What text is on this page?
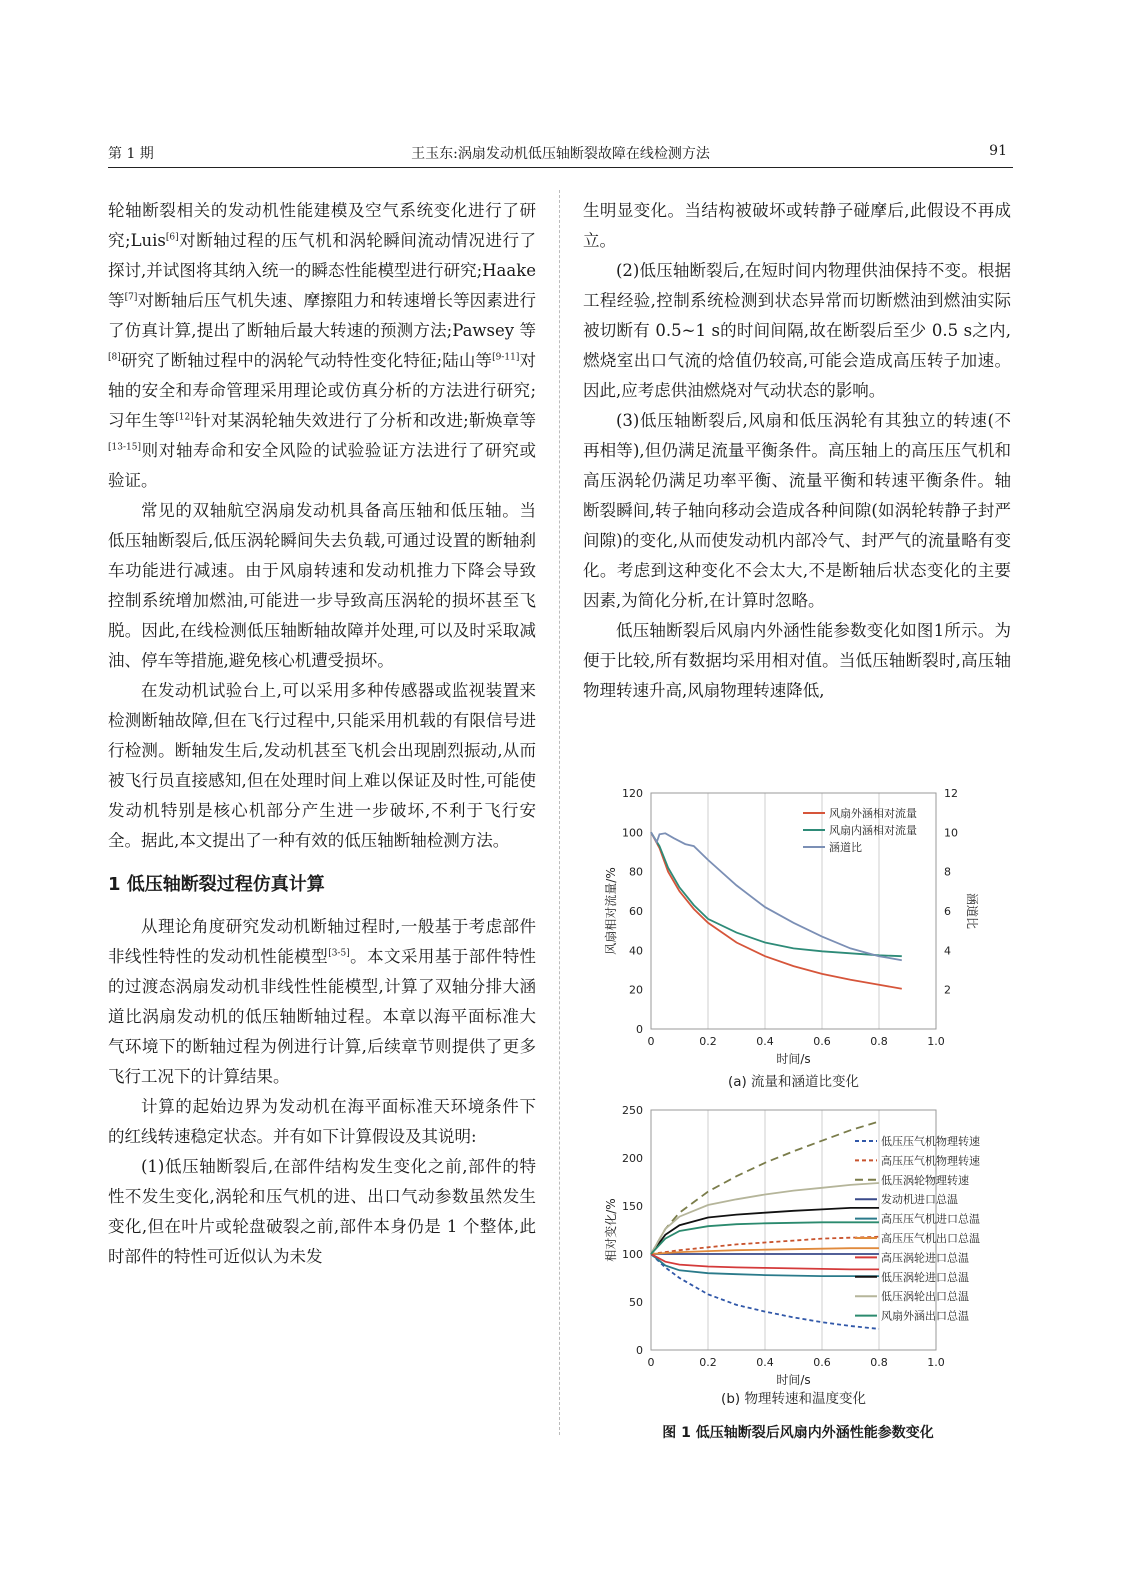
第 1 期	王玉东:涡扇发动机低压轴断裂故障在线检测方法	91

轮轴断裂相关的发动机性能建模及空气系统变化进行了研究;Luis[6]对断轴过程的压气机和涡轮瞬间流动情况进行了探讨,并试图将其纳入统一的瞬态性能模型进行研究;Haake 等[7]对断轴后压气机失速、摩擦阻力和转速增长等因素进行了仿真计算,提出了断轴后最大转速的预测方法;Pawsey 等[8]研究了断轴过程中的涡轮气动特性变化特征;陆山等[9-11]对轴的安全和寿命管理采用理论或仿真分析的方法进行研究;习年生等[12]针对某涡轮轴失效进行了分析和改进;靳焕章等[13-15]则对轴寿命和安全风险的试验验证方法进行了研究或验证。

常见的双轴航空涡扇发动机具备高压轴和低压轴。当低压轴断裂后,低压涡轮瞬间失去负载,可通过设置的断轴刹车功能进行减速。由于风扇转速和发动机推力下降会导致控制系统增加燃油,可能进一步导致高压涡轮的损坏甚至飞脱。因此,在线检测低压轴断轴故障并处理,可以及时采取减油、停车等措施,避免核心机遭受损坏。

在发动机试验台上,可以采用多种传感器或监视装置来检测断轴故障,但在飞行过程中,只能采用机载的有限信号进行检测。断轴发生后,发动机甚至飞机会出现剧烈振动,从而被飞行员直接感知,但在处理时间上难以保证及时性,可能使发动机特别是核心机部分产生进一步破坏,不利于飞行安全。据此,本文提出了一种有效的低压轴断轴检测方法。

1 低压轴断裂过程仿真计算

从理论角度研究发动机断轴过程时,一般基于考虑部件非线性特性的发动机性能模型[3-5]。本文采用基于部件特性的过渡态涡扇发动机非线性性能模型,计算了双轴分排大涵道比涡扇发动机的低压轴断轴过程。本章以海平面标准大气环境下的断轴过程为例进行计算,后续章节则提供了更多飞行工况下的计算结果。

计算的起始边界为发动机在海平面标准天环境条件下的红线转速稳定状态。并有如下计算假设及其说明:

(1)低压轴断裂后,在部件结构发生变化之前,部件的特性不发生变化,涡轮和压气机的进、出口气动参数虽然发生变化,但在叶片或轮盘破裂之前,部件本身仍是 1 个整体,此时部件的特性可近似认为未发

生明显变化。当结构被破坏或转静子碰摩后,此假设不再成立。

(2)低压轴断裂后,在短时间内物理供油保持不变。根据工程经验,控制系统检测到状态异常而切断燃油到燃油实际被切断有 0.5~1 s的时间间隔,故在断裂后至少 0.5 s之内,燃烧室出口气流的焓值仍较高,可能会造成高压转子加速。因此,应考虑供油燃烧对气动状态的影响。

(3)低压轴断裂后,风扇和低压涡轮有其独立的转速(不再相等),但仍满足流量平衡条件。高压轴上的高压压气机和高压涡轮仍满足功率平衡、流量平衡和转速平衡条件。轴断裂瞬间,转子轴向移动会造成各种间隙(如涡轮转静子封严间隙)的变化,从而使发动机内部冷气、封严气的流量略有变化。考虑到这种变化不会太大,不是断轴后状态变化的主要因素,为简化分析,在计算时忽略。

低压轴断裂后风扇内外涵性能参数变化如图1所示。为便于比较,所有数据均采用相对值。当低压轴断裂时,高压轴物理转速升高,风扇物理转速降低,

0	0.2	0.4	0.6	0.8	1.0
120
100
80
60
40
20
0
12
10
8
6
4
2
涵道比
时间/s
风扇相对流量/%
风扇外涵相对流量
风扇内涵相对流量
涵道比
(a) 流量和涵道比变化
0	0.2	0.4	0.6	0.8	1.0
250
200
150
100
50
0
时间/s
相对变化/%
低压压气机物理转速
高压压气机物理转速
低压涡轮物理转速
发动机进口总温
高压压气机进口总温
高压压气机出口总温
高压涡轮进口总温
低压涡轮进口总温
低压涡轮出口总温
风扇外涵出口总温
(b) 物理转速和温度变化
图 1 低压轴断裂后风扇内外涵性能参数变化
